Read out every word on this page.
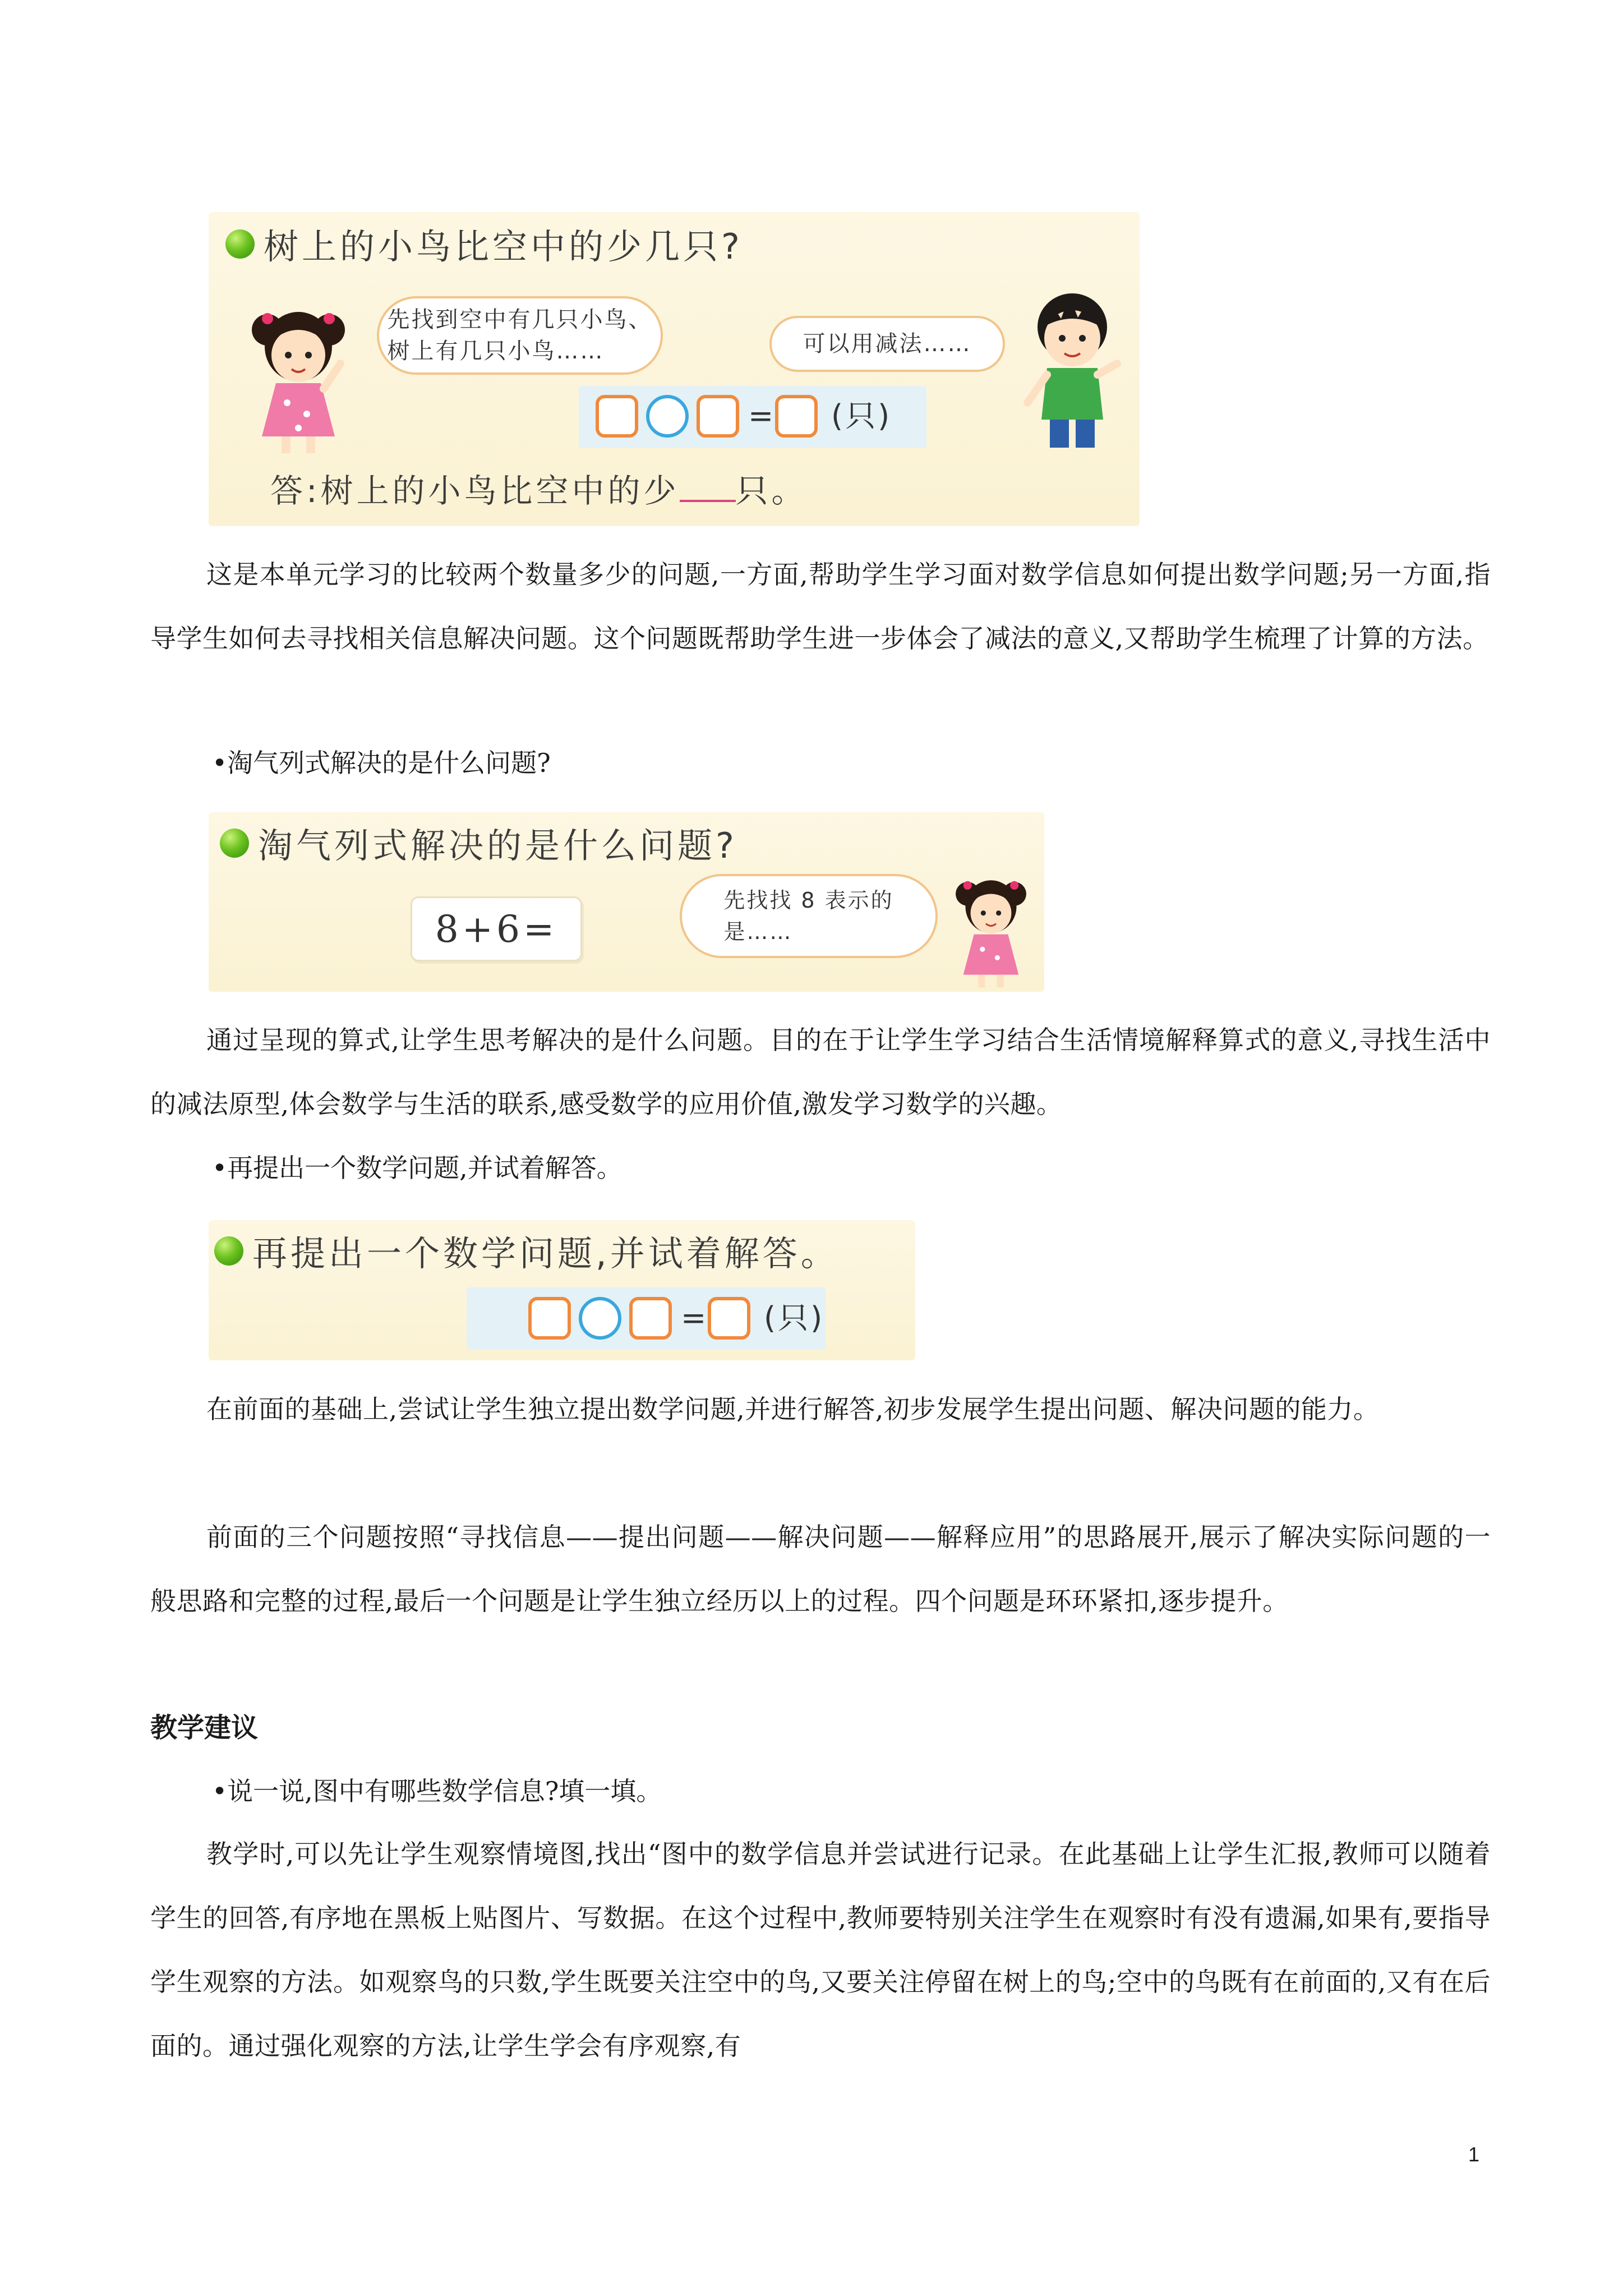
树上的小鸟比空中的少几只?
先找到空中有几只小鸟、
树上有几只小鸟……	可以用减法……
= (只)
答:树上的小鸟比空中的少 只。

这是本单元学习的比较两个数量多少的问题,一方面,帮助学生学习面对数学信息如何提出数学问题;另一方面,指导学生如何去寻找相关信息解决问题。这个问题既帮助学生进一步体会了减法的意义,又帮助学生梳理了计算的方法。

•淘气列式解决的是什么问题?

淘气列式解决的是什么问题?
8+6=
先找找 8 表示的
是……

通过呈现的算式,让学生思考解决的是什么问题。目的在于让学生学习结合生活情境解释算式的意义,寻找生活中的减法原型,体会数学与生活的联系,感受数学的应用价值,激发学习数学的兴趣。

•再提出一个数学问题,并试着解答。

再提出一个数学问题,并试着解答。
= (只)

在前面的基础上,尝试让学生独立提出数学问题,并进行解答,初步发展学生提出问题、解决问题的能力。

前面的三个问题按照“寻找信息——提出问题——解决问题——解释应用”的思路展开,展示了解决实际问题的一般思路和完整的过程,最后一个问题是让学生独立经历以上的过程。四个问题是环环紧扣,逐步提升。

教学建议

•说一说,图中有哪些数学信息?填一填。

教学时,可以先让学生观察情境图,找出“图中的数学信息并尝试进行记录。在此基础上让学生汇报,教师可以随着学生的回答,有序地在黑板上贴图片、写数据。在这个过程中,教师要特别关注学生在观察时有没有遗漏,如果有,要指导学生观察的方法。如观察鸟的只数,学生既要关注空中的鸟,又要关注停留在树上的鸟;空中的鸟既有在前面的,又有在后面的。通过强化观察的方法,让学生学会有序观察,有

1
